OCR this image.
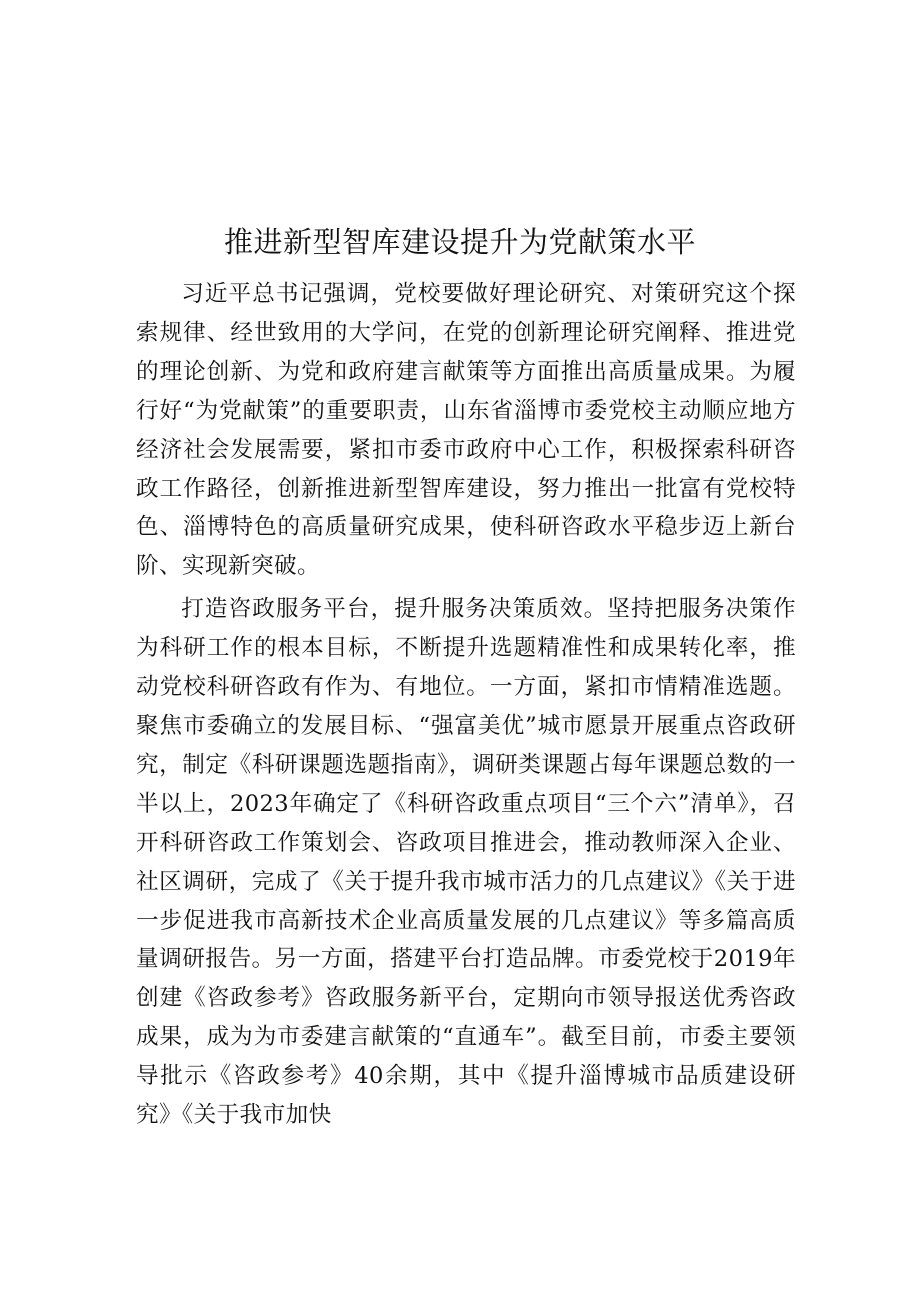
推进新型智库建设提升为党献策水平

习近平总书记强调，党校要做好理论研究、对策研究这个探索规律、经世致用的大学问，在党的创新理论研究阐释、推进党的理论创新、为党和政府建言献策等方面推出高质量成果。为履行好“为党献策”的重要职责，山东省淄博市委党校主动顺应地方经济社会发展需要，紧扣市委市政府中心工作，积极探索科研咨政工作路径，创新推进新型智库建设，努力推出一批富有党校特色、淄博特色的高质量研究成果，使科研咨政水平稳步迈上新台阶、实现新突破。

打造咨政服务平台，提升服务决策质效。坚持把服务决策作为科研工作的根本目标，不断提升选题精准性和成果转化率，推动党校科研咨政有作为、有地位。一方面，紧扣市情精准选题。聚焦市委确立的发展目标、“强富美优”城市愿景开展重点咨政研究，制定《科研课题选题指南》，调研类课题占每年课题总数的一半以上，2023年确定了《科研咨政重点项目“三个六”清单》，召开科研咨政工作策划会、咨政项目推进会，推动教师深入企业、社区调研，完成了《关于提升我市城市活力的几点建议》《关于进一步促进我市高新技术企业高质量发展的几点建议》等多篇高质量调研报告。另一方面，搭建平台打造品牌。市委党校于2019年创建《咨政参考》咨政服务新平台，定期向市领导报送优秀咨政成果，成为为市委建言献策的“直通车”。截至目前，市委主要领导批示《咨政参考》40余期，其中《提升淄博城市品质建设研究》《关于我市加快
